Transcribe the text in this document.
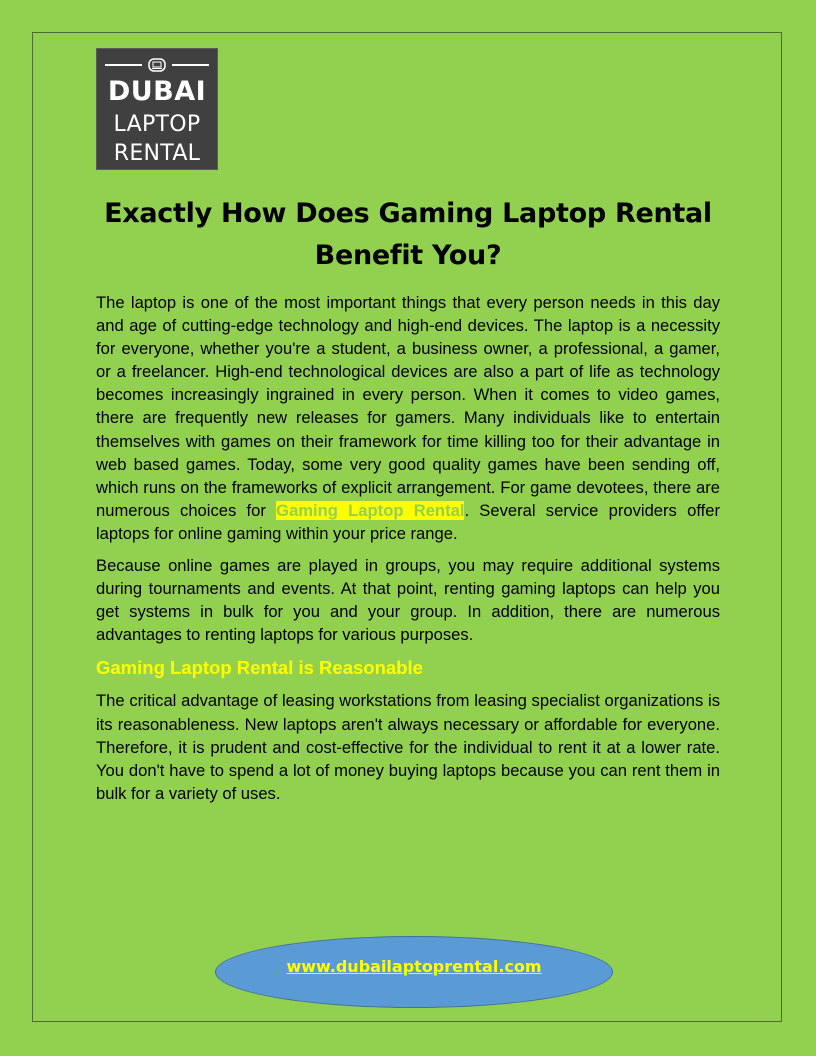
DUBAI
LAPTOP
RENTAL
Exactly How Does Gaming Laptop Rental
Benefit You?

The laptop is one of the most important things that every person needs in this day and age of cutting-edge technology and high-end devices. The laptop is a necessity for everyone, whether you're a student, a business owner, a professional, a gamer, or a freelancer. High-end technological devices are also a part of life as technology becomes increasingly ingrained in every person. When it comes to video games, there are frequently new releases for gamers. Many individuals like to entertain themselves with games on their framework for time killing too for their advantage in web based games. Today, some very good quality games have been sending off, which runs on the frameworks of explicit arrangement. For game devotees, there are numerous choices for Gaming Laptop Rental. Several service providers offer laptops for online gaming within your price range.

Because online games are played in groups, you may require additional systems during tournaments and events. At that point, renting gaming laptops can help you get systems in bulk for you and your group. In addition, there are numerous advantages to renting laptops for various purposes.

Gaming Laptop Rental is Reasonable

The critical advantage of leasing workstations from leasing specialist organizations is its reasonableness. New laptops aren't always necessary or affordable for everyone. Therefore, it is prudent and cost-effective for the individual to rent it at a lower rate. You don't have to spend a lot of money buying laptops because you can rent them in bulk for a variety of uses.

www.dubailaptoprental.com
